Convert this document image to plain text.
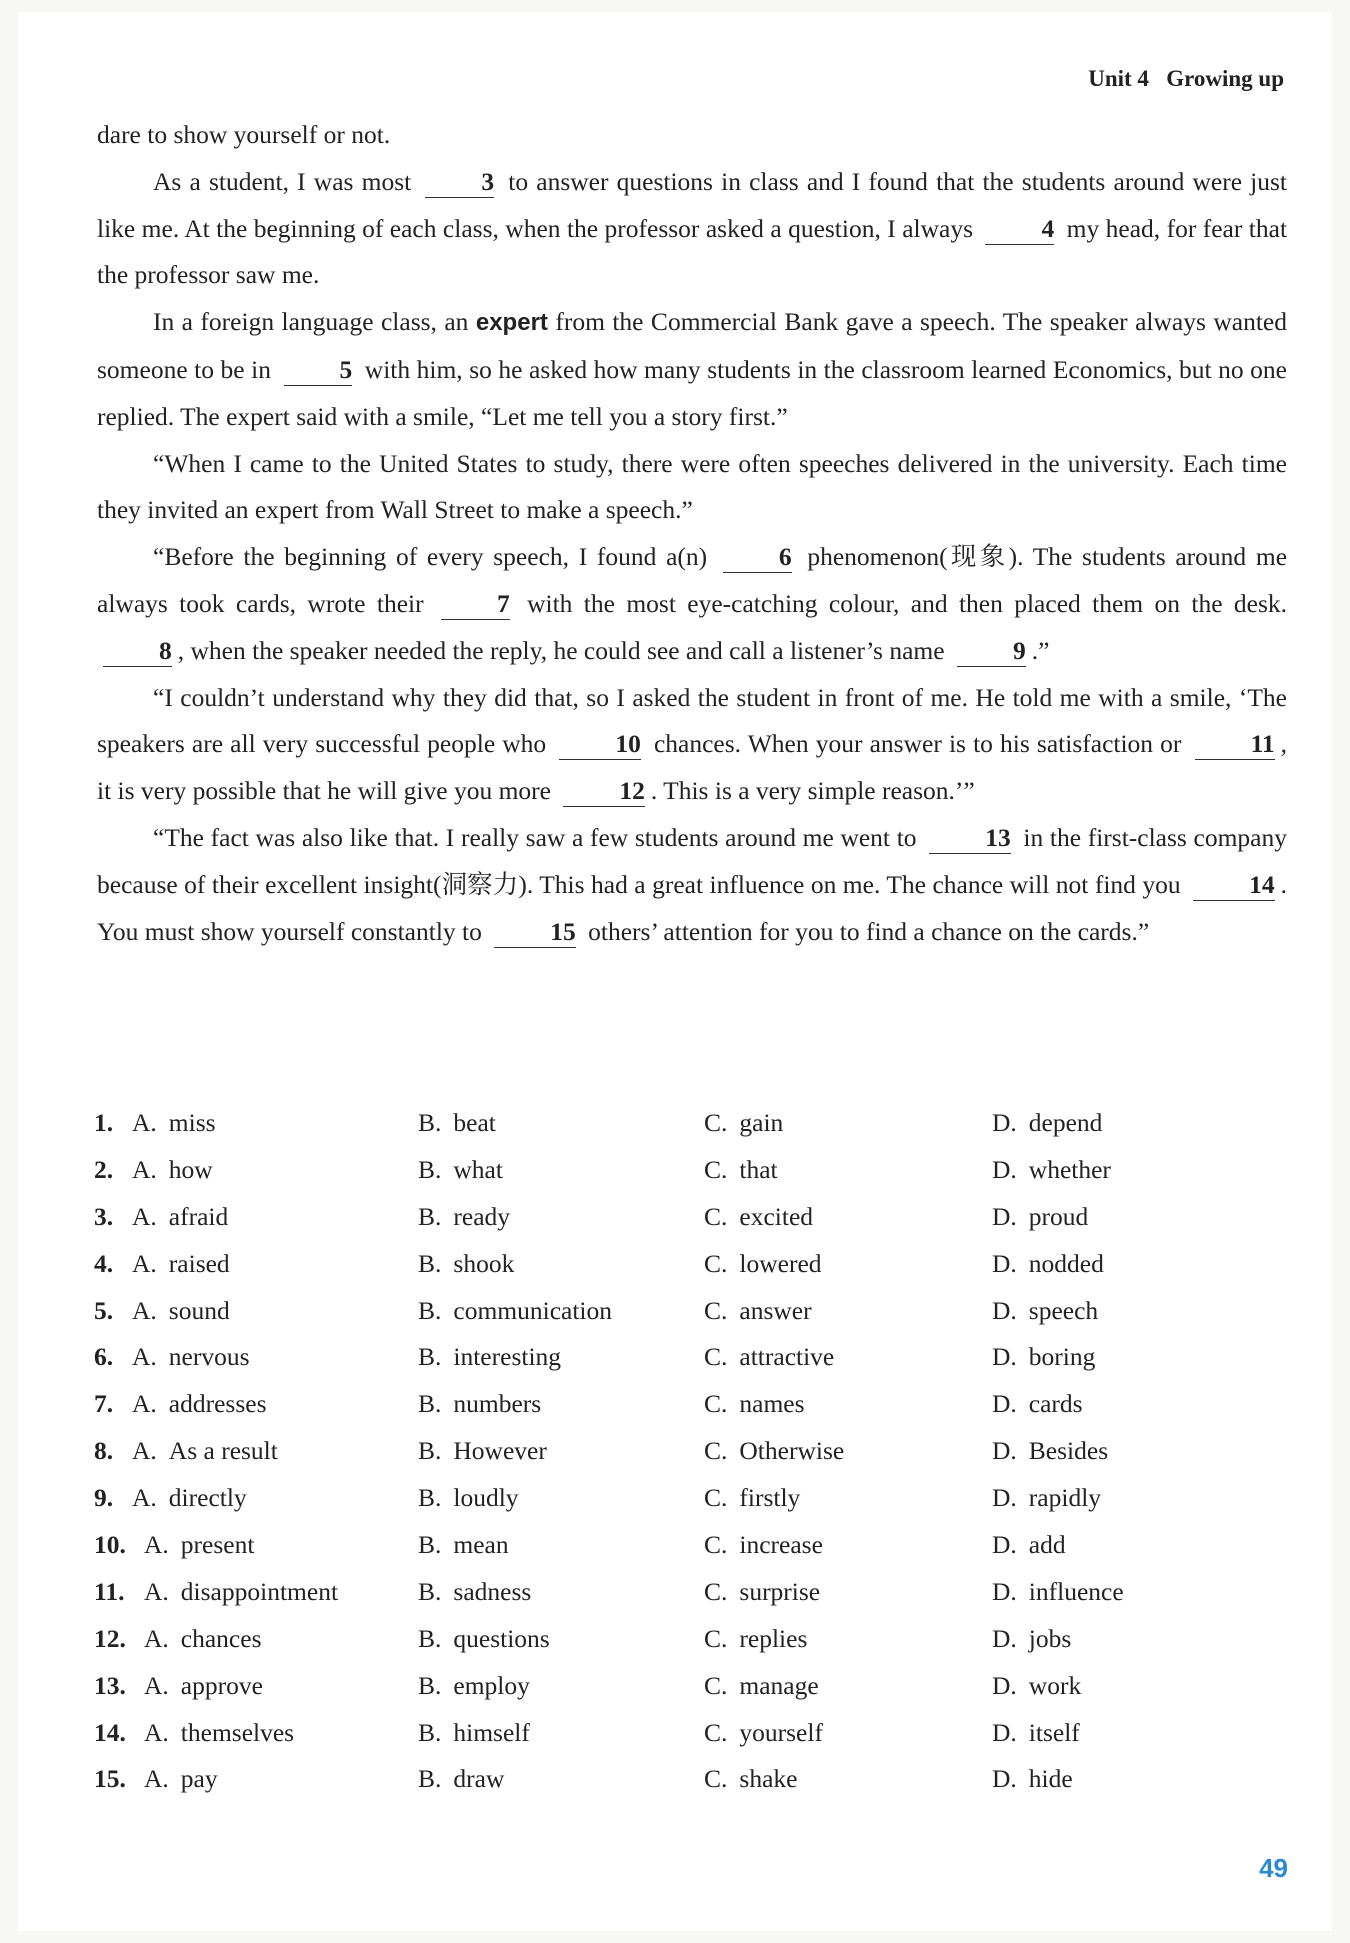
Unit 4 Growing up

dare to show yourself or not.

As a student, I was most	3 to answer questions in class and I found that the students around were just like me. At the beginning of each class, when the professor asked a question, I always	4 my head, for fear that the professor saw me.

In a foreign language class, an expert from the Commercial Bank gave a speech. The speaker always wanted someone to be in	5 with him, so he asked how many students in the classroom learned Economics, but no one replied. The expert said with a smile, “Let me tell you a story first.”

“When I came to the United States to study, there were often speeches delivered in the university. Each time they invited an expert from Wall Street to make a speech.”

“Before the beginning of every speech, I found a(n)	6 phenomenon(现象). The students around me always took cards, wrote their	7 with the most eye-catching colour, and then placed them on the desk. 8 , when the speaker needed the reply, he could see and call a listener’s name	9 .”

“I couldn’t understand why they did that, so I asked the student in front of me. He told me with a smile, ‘The speakers are all very successful people who	10 chances. When your answer is to his satisfaction or	11 , it is very possible that he will give you more	12 . This is a very simple reason.’”

“The fact was also like that. I really saw a few students around me went to	13 in the first-class company because of their excellent insight(洞察力). This had a great influence on me. The chance will not find you	14 . You must show yourself constantly to	15 others’ attention for you to find a chance on the cards.”

1. A. miss	B. beat	C. gain	D. depend
2. A. how	B. what	C. that	D. whether
3. A. afraid	B. ready	C. excited	D. proud
4. A. raised	B. shook	C. lowered	D. nodded
5. A. sound	B. communication	C. answer	D. speech
6. A. nervous	B. interesting	C. attractive	D. boring
7. A. addresses	B. numbers	C. names	D. cards
8. A. As a result	B. However	C. Otherwise	D. Besides
9. A. directly	B. loudly	C. firstly	D. rapidly
10. A. present	B. mean	C. increase	D. add
11. A. disappointment	B. sadness	C. surprise	D. influence
12. A. chances	B. questions	C. replies	D. jobs
13. A. approve	B. employ	C. manage	D. work
14. A. themselves	B. himself	C. yourself	D. itself
15. A. pay	B. draw	C. shake	D. hide
49
